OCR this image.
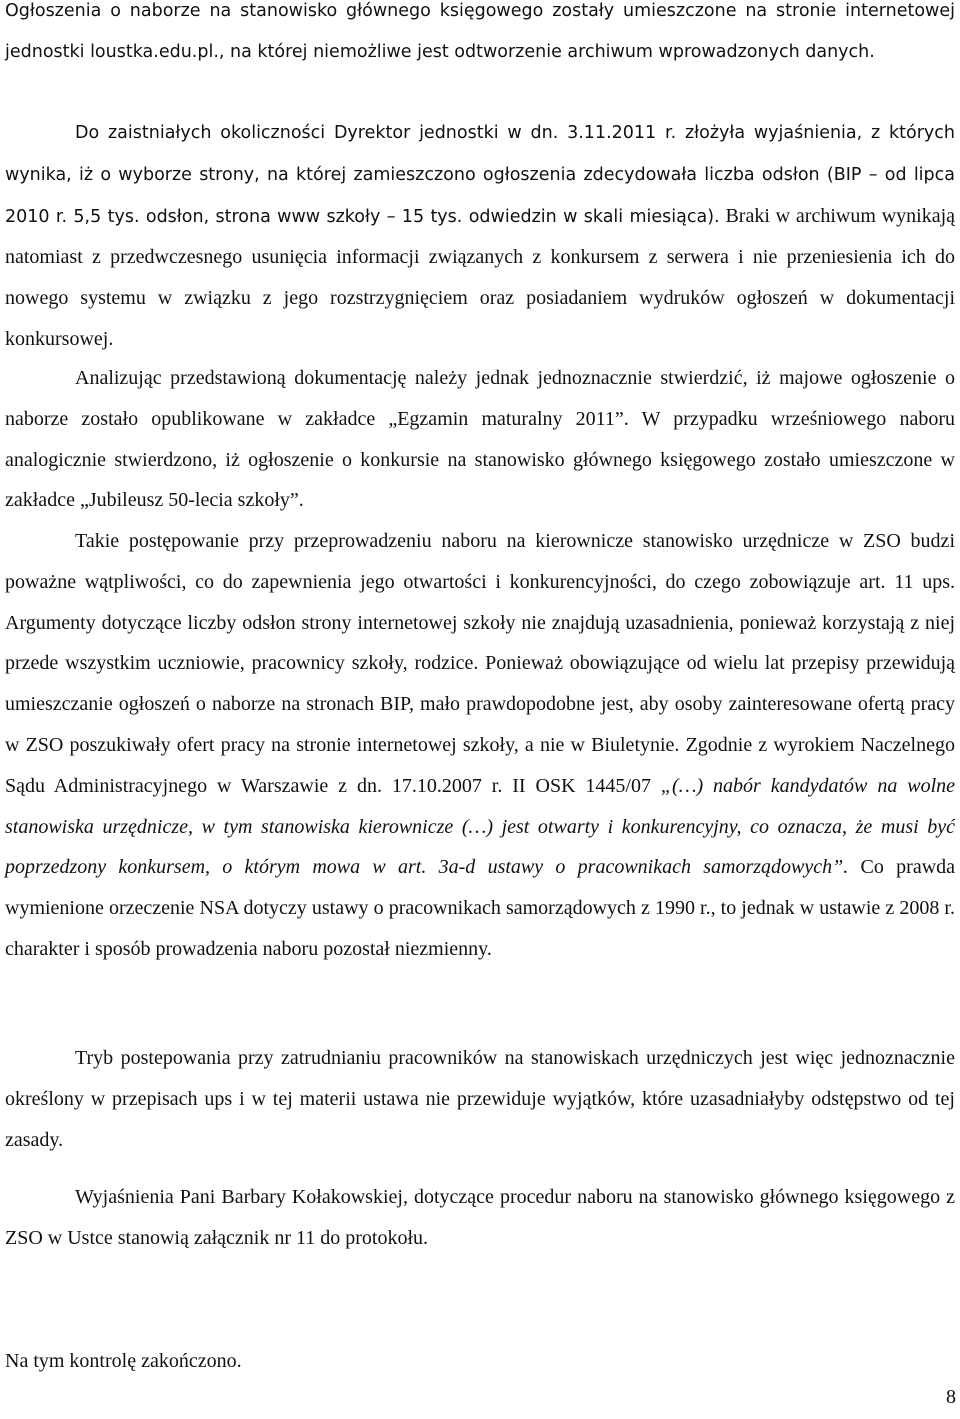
Ogłoszenia o naborze na stanowisko głównego księgowego zostały umieszczone na stronie internetowej jednostki loustka.edu.pl., na której niemożliwe jest odtworzenie archiwum wprowadzonych danych.

Do zaistniałych okoliczności Dyrektor jednostki w dn. 3.11.2011 r. złożyła wyjaśnienia, z których wynika, iż o wyborze strony, na której zamieszczono ogłoszenia zdecydowała liczba odsłon (BIP – od lipca 2010 r. 5,5 tys. odsłon, strona www szkoły – 15 tys. odwiedzin w skali miesiąca). Braki w archiwum wynikają natomiast z przedwczesnego usunięcia informacji związanych z konkursem z serwera i nie przeniesienia ich do nowego systemu w związku z jego rozstrzygnięciem oraz posiadaniem wydruków ogłoszeń w dokumentacji konkursowej.

Analizując przedstawioną dokumentację należy jednak jednoznacznie stwierdzić, iż majowe ogłoszenie o naborze zostało opublikowane w zakładce „Egzamin maturalny 2011”. W przypadku wrześniowego naboru analogicznie stwierdzono, iż ogłoszenie o konkursie na stanowisko głównego księgowego zostało umieszczone w zakładce „Jubileusz 50-lecia szkoły”.

Takie postępowanie przy przeprowadzeniu naboru na kierownicze stanowisko urzędnicze w ZSO budzi poważne wątpliwości, co do zapewnienia jego otwartości i konkurencyjności, do czego zobowiązuje art. 11 ups. Argumenty dotyczące liczby odsłon strony internetowej szkoły nie znajdują uzasadnienia, ponieważ korzystają z niej przede wszystkim uczniowie, pracownicy szkoły, rodzice. Ponieważ obowiązujące od wielu lat przepisy przewidują umieszczanie ogłoszeń o naborze na stronach BIP, mało prawdopodobne jest, aby osoby zainteresowane ofertą pracy w ZSO poszukiwały ofert pracy na stronie internetowej szkoły, a nie w Biuletynie. Zgodnie z wyrokiem Naczelnego Sądu Administracyjnego w Warszawie z dn. 17.10.2007 r. II OSK 1445/07 „(…) nabór kandydatów na wolne stanowiska urzędnicze, w tym stanowiska kierownicze (…) jest otwarty i konkurencyjny, co oznacza, że musi być poprzedzony konkursem, o którym mowa w art. 3a-d ustawy o pracownikach samorządowych”. Co prawda wymienione orzeczenie NSA dotyczy ustawy o pracownikach samorządowych z 1990 r., to jednak w ustawie z 2008 r. charakter i sposób prowadzenia naboru pozostał niezmienny.

Tryb postepowania przy zatrudnianiu pracowników na stanowiskach urzędniczych jest więc jednoznacznie określony w przepisach ups i w tej materii ustawa nie przewiduje wyjątków, które uzasadniałyby odstępstwo od tej zasady.

Wyjaśnienia Pani Barbary Kołakowskiej, dotyczące procedur naboru na stanowisko głównego księgowego z ZSO w Ustce stanowią załącznik nr 11 do protokołu.

Na tym kontrolę zakończono.

8
